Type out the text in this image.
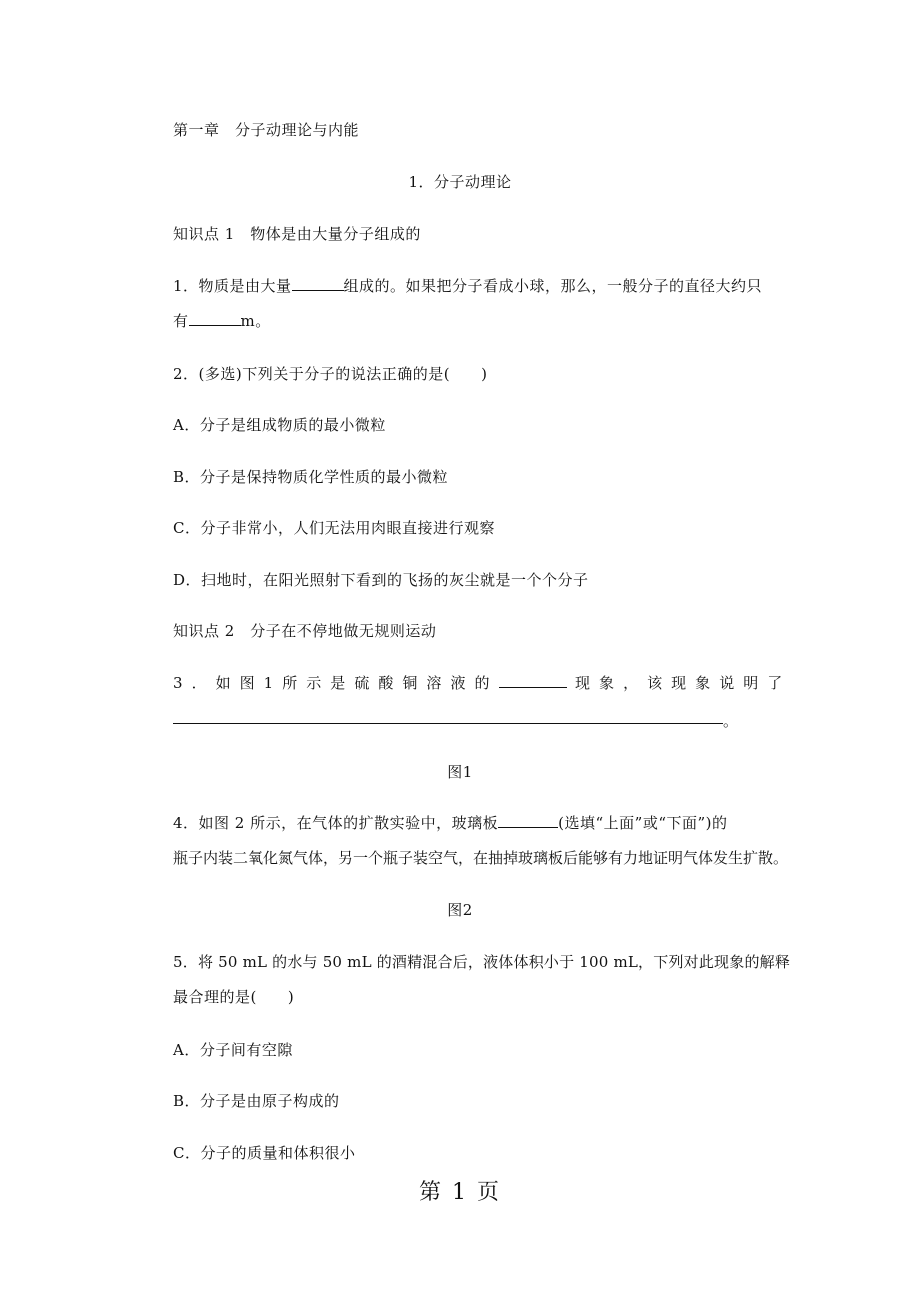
第一章　分子动理论与内能
1．分子动理论
知识点 1　物体是由大量分子组成的
1．物质是由大量	组成的。如果把分子看成小球，那么，一般分子的直径大约只
有	m。
2．(多选)下列关于分子的说法正确的是(　　)
A．分子是组成物质的最小微粒
B．分子是保持物质化学性质的最小微粒
C．分子非常小，人们无法用肉眼直接进行观察
D．扫地时，在阳光照射下看到的飞扬的灰尘就是一个个分子
知识点 2　分子在不停地做无规则运动
3 ． 如 图 1 所 示 是 硫 酸 铜 溶 液 的	现 象 ， 该 现 象 说 明 了
。
图1
4．如图 2 所示，在气体的扩散实验中，玻璃板	(选填“上面”或“下面”)的
瓶子内装二氧化氮气体，另一个瓶子装空气，在抽掉玻璃板后能够有力地证明气体发生扩散。
图2
5．将 50 mL 的水与 50 mL 的酒精混合后，液体体积小于 100 mL，下列对此现象的解释
最合理的是(　　)
A．分子间有空隙
B．分子是由原子构成的
C．分子的质量和体积很小
第 1 页
